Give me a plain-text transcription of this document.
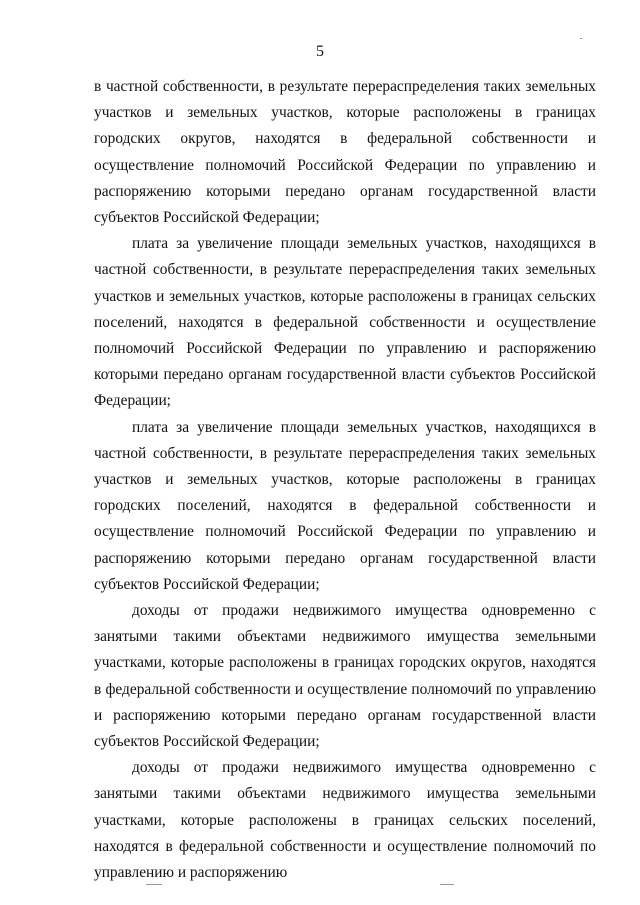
5

в частной собственности, в результате перераспределения таких земельных участков и земельных участков, которые расположены в границах городских округов, находятся в федеральной собственности и осуществление полномочий Российской Федерации по управлению и распоряжению которыми передано органам государственной власти субъектов Российской Федерации;

плата за увеличение площади земельных участков, находящихся в частной собственности, в результате перераспределения таких земельных участков и земельных участков, которые расположены в границах сельских поселений, находятся в федеральной собственности и осуществление полномочий Российской Федерации по управлению и распоряжению которыми передано органам государственной власти субъектов Российской Федерации;

плата за увеличение площади земельных участков, находящихся в частной собственности, в результате перераспределения таких земельных участков и земельных участков, которые расположены в границах городских поселений, находятся в федеральной собственности и осуществление полномочий Российской Федерации по управлению и распоряжению которыми передано органам государственной власти субъектов Российской Федерации;

доходы от продажи недвижимого имущества одновременно с занятыми такими объектами недвижимого имущества земельными участками, которые расположены в границах городских округов, находятся в федеральной собственности и осуществление полномочий по управлению и распоряжению которыми передано органам государственной власти субъектов Российской Федерации;

доходы от продажи недвижимого имущества одновременно с занятыми такими объектами недвижимого имущества земельными участками, которые расположены в границах сельских поселений, находятся в федеральной собственности и осуществление полномочий по управлению и распоряжению
